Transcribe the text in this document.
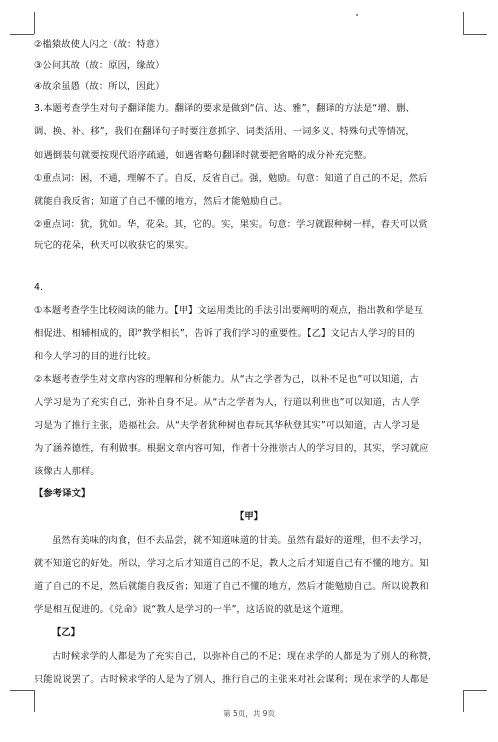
②槛猿故使人闪之（故：特意）
③公问其故（故：原因，缘故）
④故余虽愚（故：所以，因此）
3.本题考查学生对句子翻译能力。翻译的要求是做到“信、达、雅”，翻译的方法是“增、删、
调、换、补、移”，我们在翻译句子时要注意抓字、词类活用、一词多义、特殊句式等情况，
如遇倒装句就要按现代语序疏通，如遇省略句翻译时就要把省略的成分补充完整。
①重点词：困，不通，理解不了。自反，反省自己。强，勉励。句意：知道了自己的不足，然后
就能自我反省；知道了自己不懂的地方，然后才能勉励自己。
②重点词：犹，犹如。华，花朵。其，它的。实，果实。句意：学习就跟种树一样，春天可以赏
玩它的花朵，秋天可以收获它的果实。
4.
①本题考查学生比较阅读的能力。【甲】文运用类比的手法引出要阐明的观点，指出教和学是互
相促进、相辅相成的，即“教学相长”，告诉了我们学习的重要性。【乙】文记古人学习的目的
和今人学习的目的进行比较。
②本题考查学生对文章内容的理解和分析能力。从“古之学者为己，以补不足也”可以知道，古
人学习是为了充实自己，弥补自身不足。从“古之学者为人，行道以利世也”可以知道，古人学
习是为了推行主张，造福社会。从“夫学者犹种树也春玩其华秋登其实”可以知道，古人学习是
为了涵养德性，有利做事。根据文章内容可知，作者十分推崇古人的学习目的，其实，学习就应
该像古人那样。
【参考译文】
【甲】
虽然有美味的肉食，但不去品尝，就不知道味道的甘美。虽然有最好的道理，但不去学习，
就不知道它的好处。所以，学习之后才知道自己的不足，教人之后才知道自己有不懂的地方。知
道了自己的不足，然后就能自我反省；知道了自己不懂的地方，然后才能勉励自己。所以说教和
学是相互促进的。《兑命》说“教人是学习的一半”，这话说的就是这个道理。
【乙】
古时候求学的人都是为了充实自己，以弥补自己的不足；现在求学的人都是为了别人的称赞，
只能说说罢了。古时候求学的人是为了别人，推行自己的主张来对社会谋利；现在求学的人都是
第 5页，共 9页
